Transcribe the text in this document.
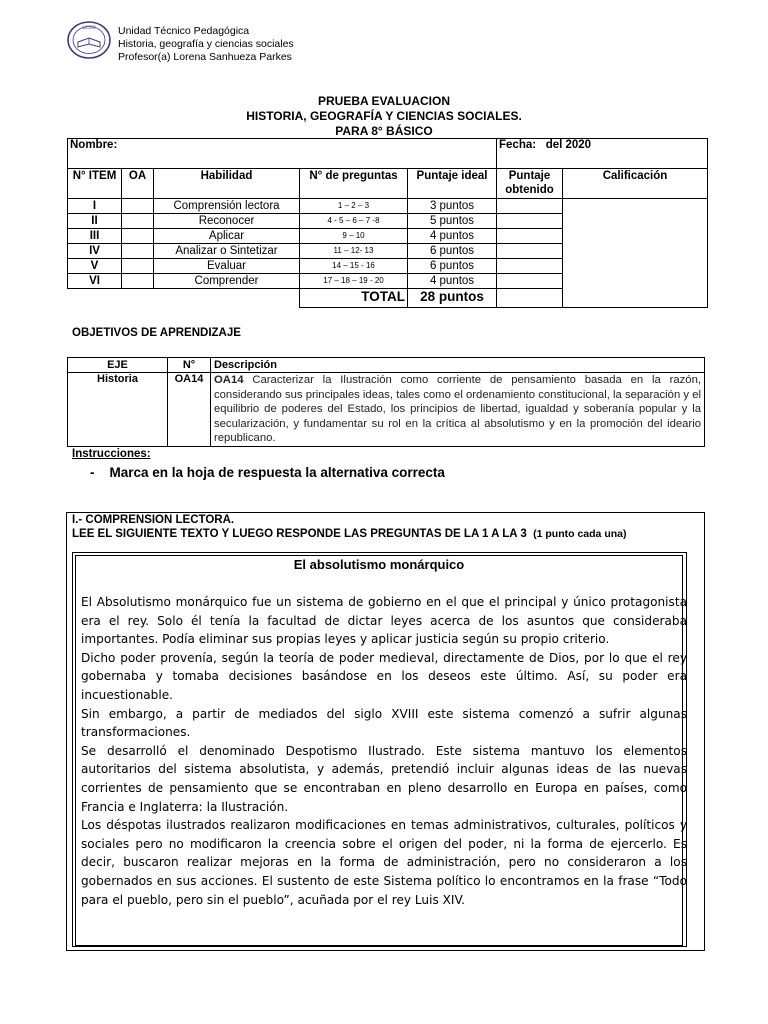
LICEO Unidad Técnico Pedagógica
Historia, geografía y ciencias sociales
Profesor(a) Lorena Sanhueza Parkes
PRUEBA EVALUACION
HISTORIA, GEOGRAFÍA Y CIENCIAS SOCIALES.
PARA 8° BÁSICO
Nombre:					Fecha: del 2020	
N° ITEM	OA	Habilidad	N° de preguntas	Puntaje ideal	Puntaje obtenido	Calificación
I		Comprensión lectora	1 – 2 – 3	3 puntos		
II		Reconocer	4 - 5 – 6 – 7 -8	5 puntos		
III		Aplicar	9 – 10	4 puntos		
IV		Analizar o Sintetizar	11 – 12- 13	6 puntos		
V		Evaluar	14 – 15 - 16	6 puntos		
VI		Comprender	17 – 18 – 19 - 20	4 puntos		
			TOTAL	28 puntos		
OBJETIVOS DE APRENDIZAJE
EJE	N°	Descripción
Historia	OA14	OA14 Caracterizar la Ilustración como corriente de pensamiento basada en la razón, considerando sus principales ideas, tales como el ordenamiento constitucional, la separación y el equilibrio de poderes del Estado, los principios de libertad, igualdad y soberanía popular y la secularización, y fundamentar su rol en la crítica al absolutismo y en la promoción del ideario republicano.
Instrucciones:
- Marca en la hoja de respuesta la alternativa correcta
I.- COMPRENSION LECTORA.
LEE EL SIGUIENTE TEXTO Y LUEGO RESPONDE LAS PREGUNTAS DE LA 1 A LA 3 (1 punto cada una)
El absolutismo monárquico

El Absolutismo monárquico fue un sistema de gobierno en el que el principal y único protagonista era el rey. Solo él tenía la facultad de dictar leyes acerca de los asuntos que consideraba importantes. Podía eliminar sus propias leyes y aplicar justicia según su propio criterio.

Dicho poder provenía, según la teoría de poder medieval, directamente de Dios, por lo que el rey gobernaba y tomaba decisiones basándose en los deseos este último. Así, su poder era incuestionable.

Sin embargo, a partir de mediados del siglo XVIII este sistema comenzó a sufrir algunas transformaciones.

Se desarrolló el denominado Despotismo Ilustrado. Este sistema mantuvo los elementos autoritarios del sistema absolutista, y además, pretendió incluir algunas ideas de las nuevas corrientes de pensamiento que se encontraban en pleno desarrollo en Europa en países, como Francia e Inglaterra: la Ilustración.

Los déspotas ilustrados realizaron modificaciones en temas administrativos, culturales, políticos y sociales pero no modificaron la creencia sobre el origen del poder, ni la forma de ejercerlo. Es decir, buscaron realizar mejoras en la forma de administración, pero no consideraron a los gobernados en sus acciones. El sustento de este Sistema político lo encontramos en la frase “Todo para el pueblo, pero sin el pueblo”, acuñada por el rey Luis XIV.
